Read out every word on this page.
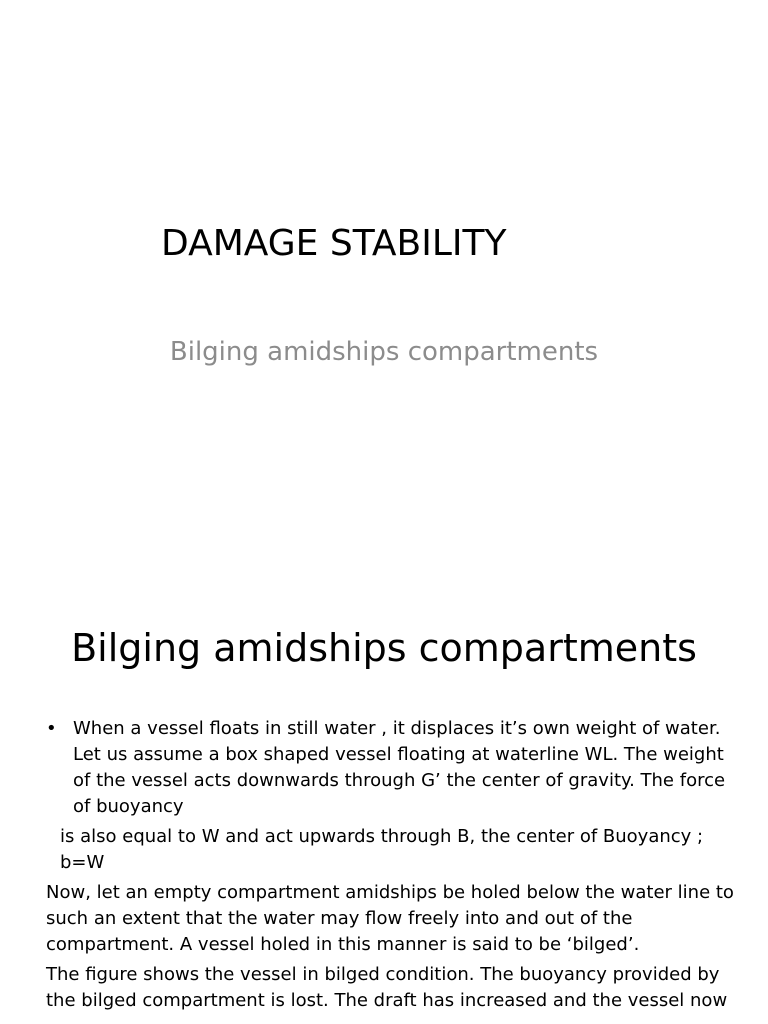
DAMAGE STABILITY
Bilging amidships compartments
Bilging amidships compartments
• When a vessel floats in still water , it displaces it’s own weight of water. Let us assume a box shaped vessel floating at waterline WL. The weight of the vessel acts downwards through G’ the center of gravity. The force of buoyancy

is also equal to W and act upwards through B, the center of Buoyancy ; b=W

Now, let an empty compartment amidships be holed below the water line to such an extent that the water may flow freely into and out of the compartment. A vessel holed in this manner is said to be ‘bilged’.

The figure shows the vessel in bilged condition. The buoyancy provided by the bilged compartment is lost. The draft has increased and the vessel now
